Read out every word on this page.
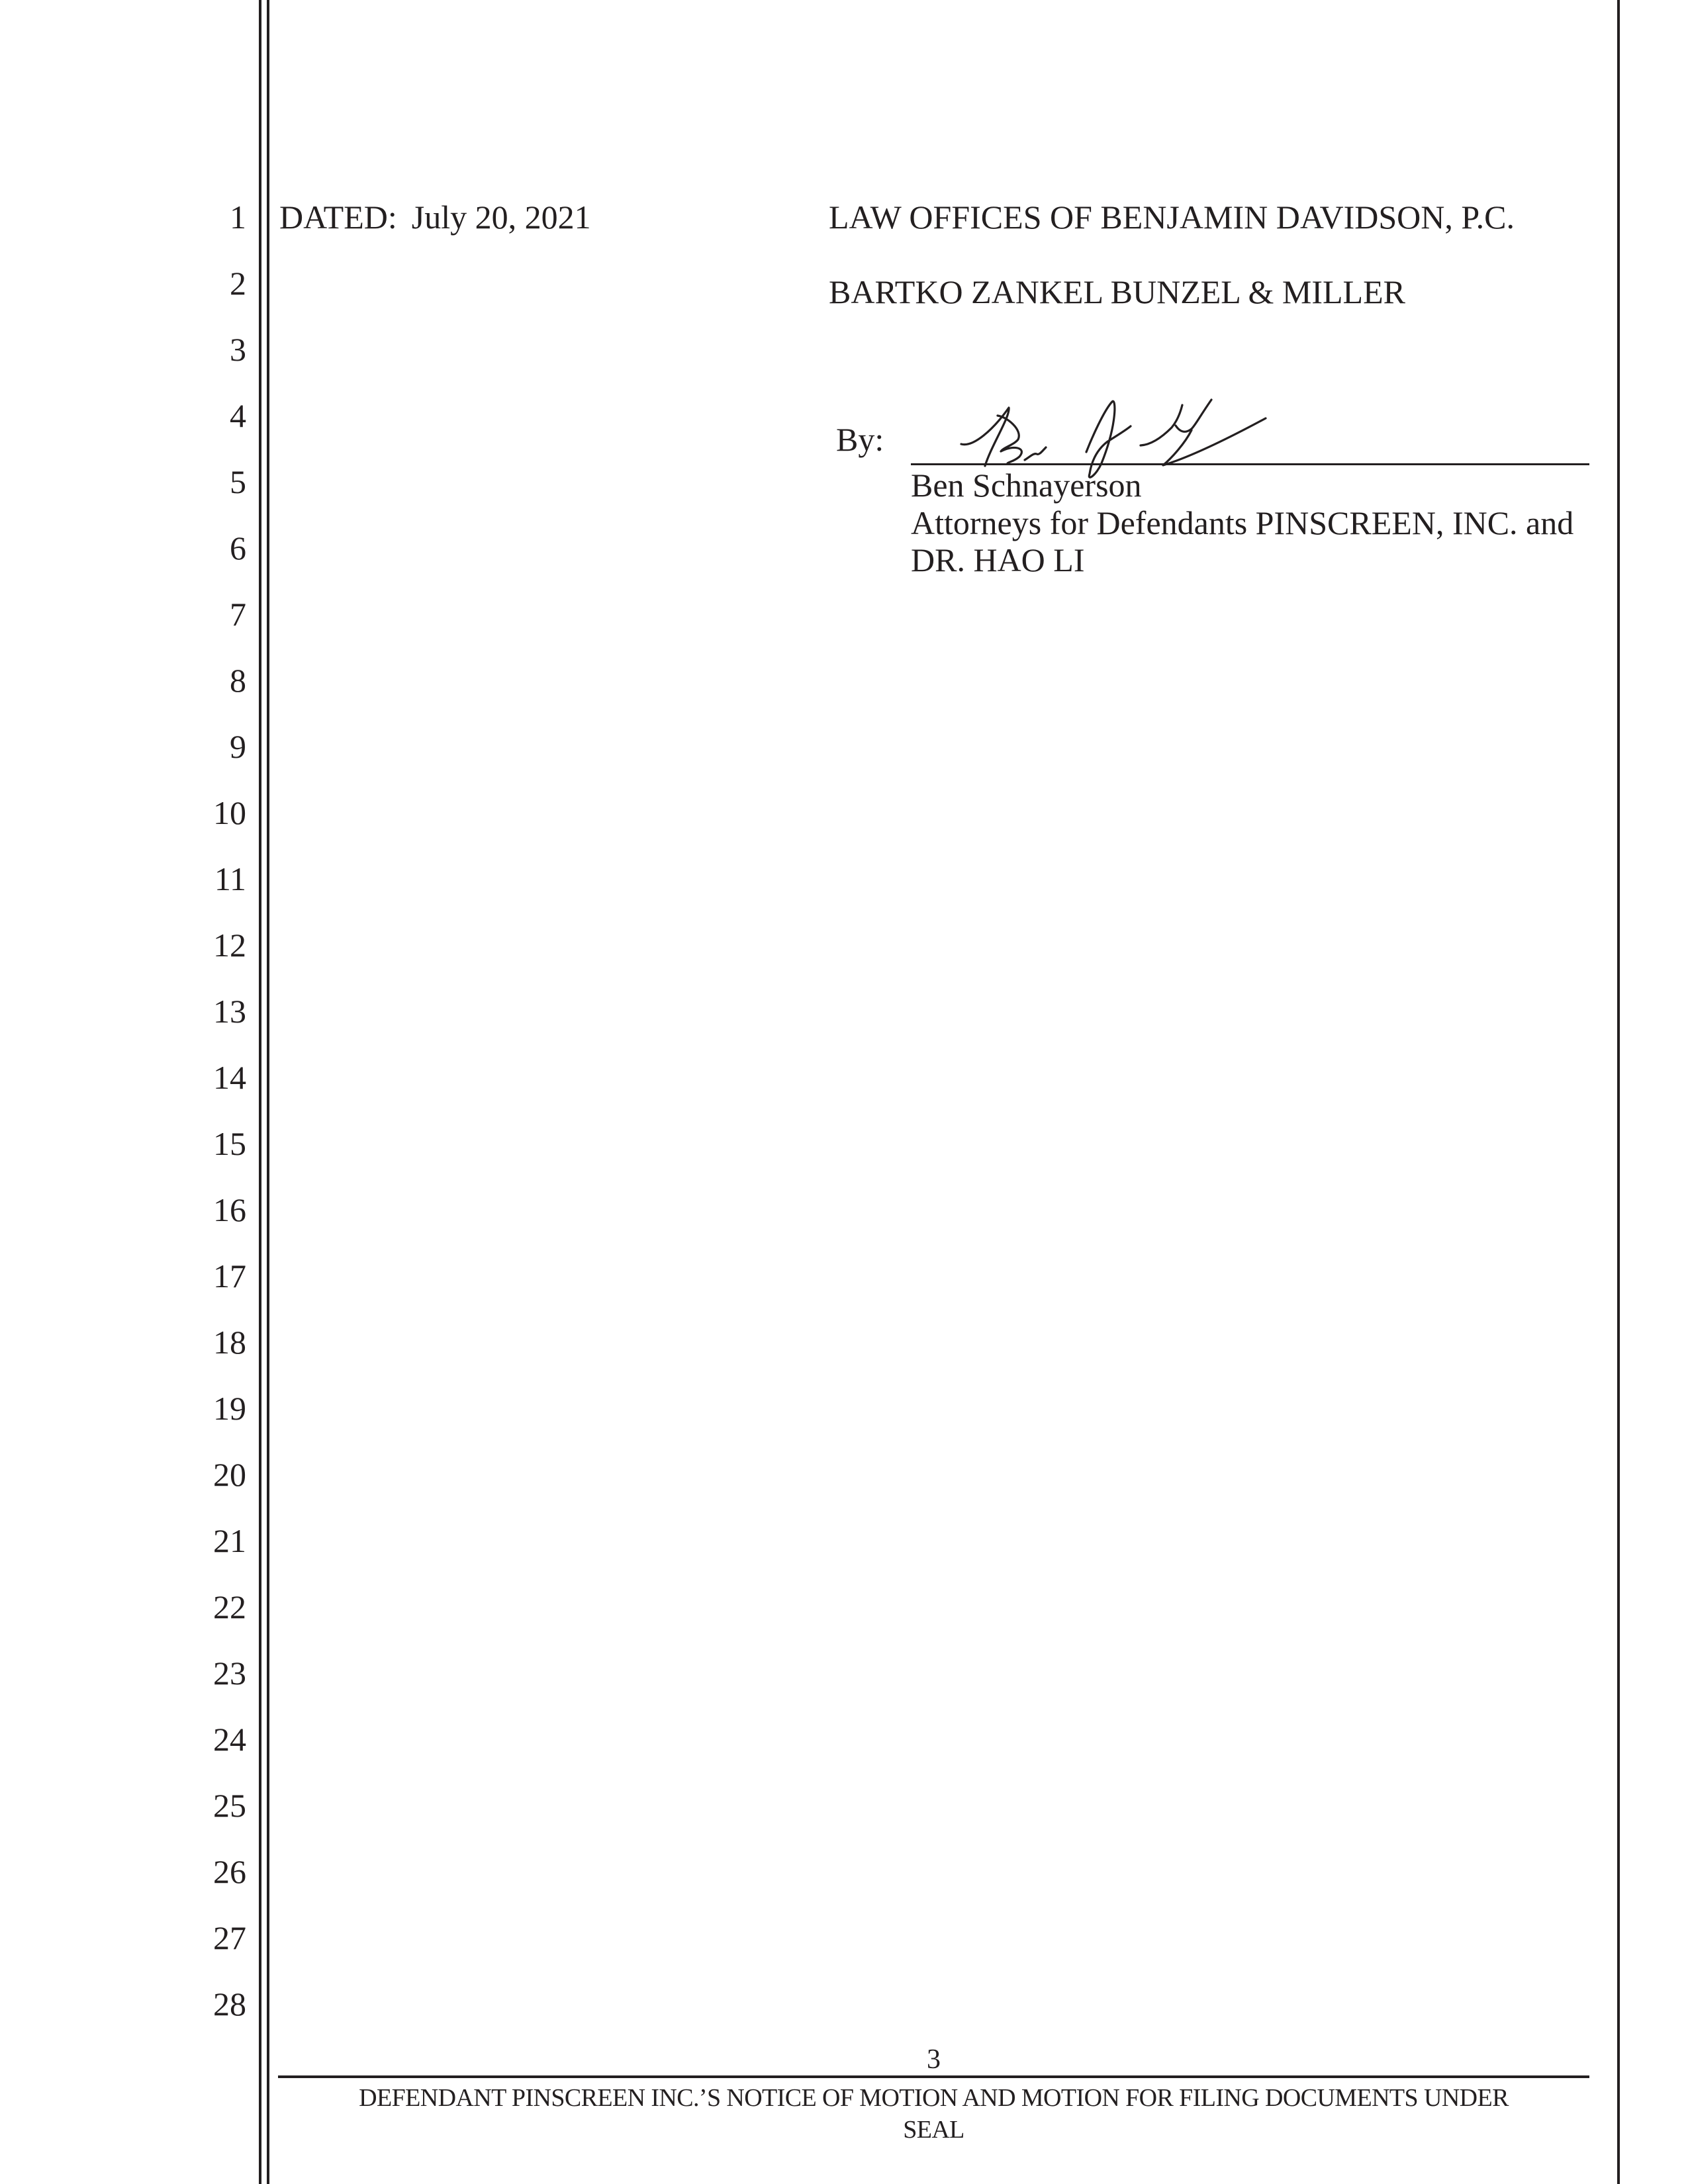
1
2
3
4
5
6
7
8
9
10
11
12
13
14
15
16
17
18
19
20
21
22
23
24
25
26
27
28
DATED: July 20, 2021	LAW OFFICES OF BENJAMIN DAVIDSON, P.C.
BARTKO ZANKEL BUNZEL & MILLER
By:
Ben Schnayerson
Attorneys for Defendants PINSCREEN, INC. and
DR. HAO LI
3
DEFENDANT PINSCREEN INC.’S NOTICE OF MOTION AND MOTION FOR FILING DOCUMENTS UNDER
SEAL
